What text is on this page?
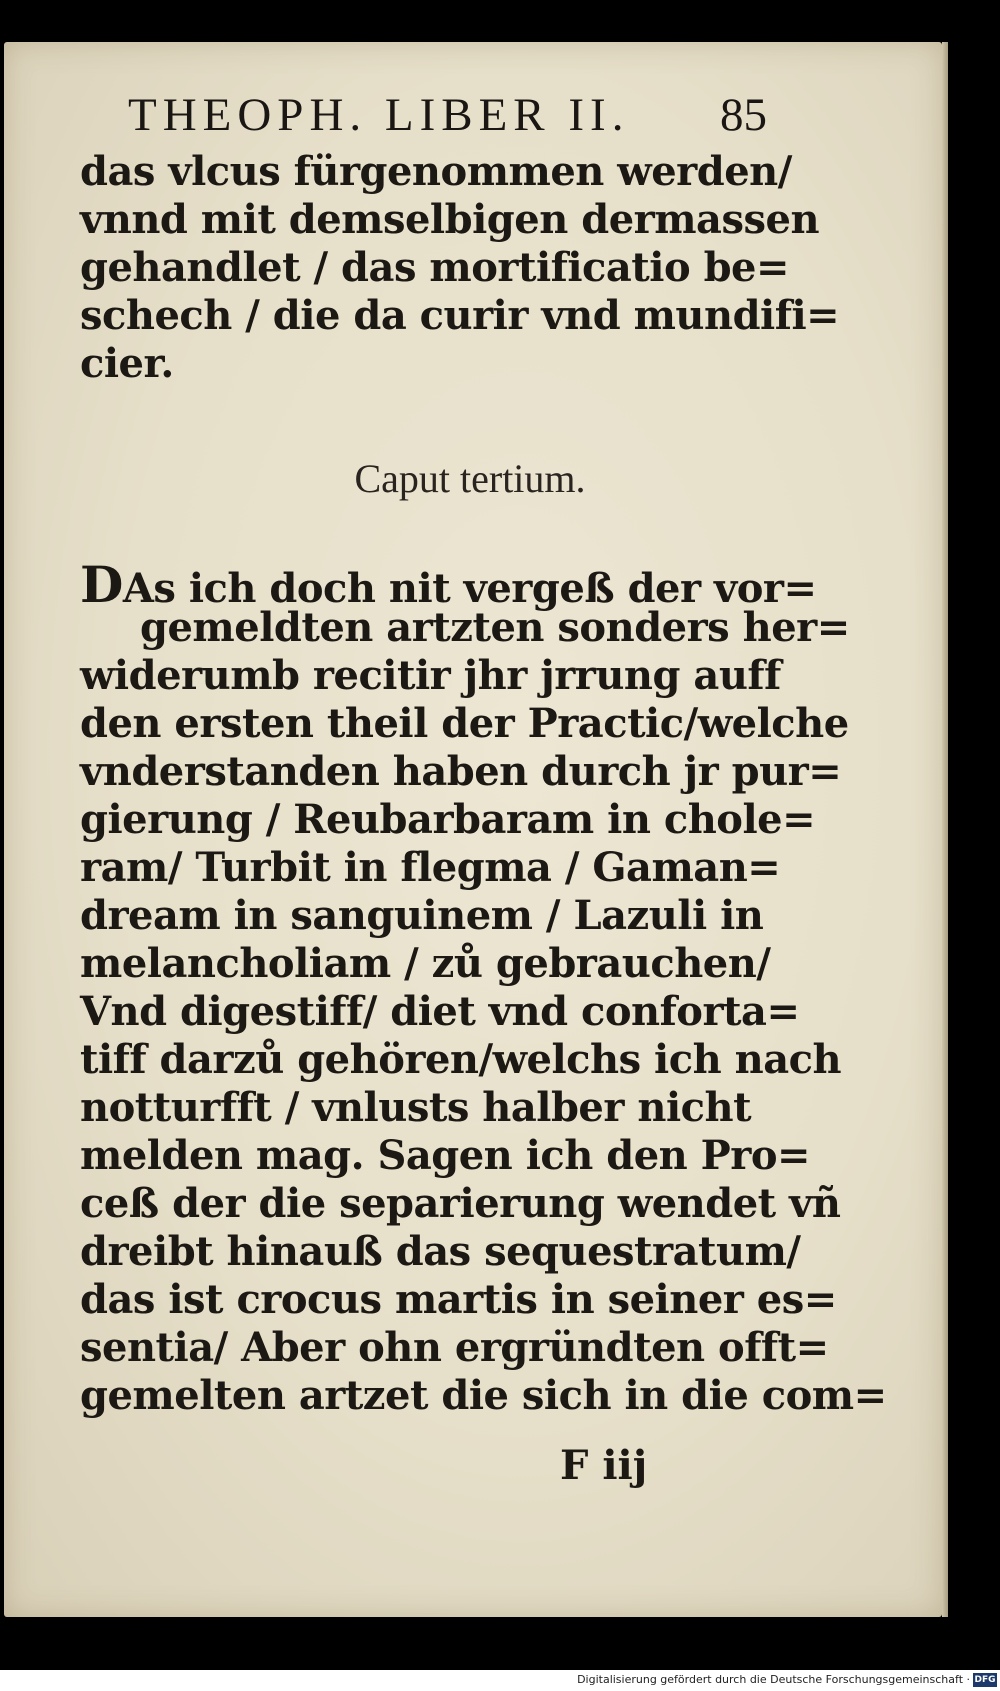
THEOPH. LIBER II. 85
das vlcus fürgenommen werden/
vnnd mit demselbigen dermassen
gehandlet / das mortificatio be=
schech / die da curir vnd mundifi=
cier.
Caput tertium.
DAs ich doch nit vergeß der vor=
gemeldten artzten sonders her=
widerumb recitir jhr jrrung auff
den ersten theil der Practic/welche
vnderstanden haben durch jr pur=
gierung / Reubarbaram in chole=
ram/ Turbit in flegma / Gaman=
dream in sanguinem / Lazuli in
melancholiam / zů gebrauchen/
Vnd digestiff/ diet vnd conforta=
tiff darzů gehören/welchs ich nach
notturfft / vnlusts halber nicht
melden mag. Sagen ich den Pro=
ceß der die separierung wendet vñ
dreibt hinauß das sequestratum/
das ist crocus martis in seiner es=
sentia/ Aber ohn ergründten offt=
gemelten artzet die sich in die com=
F iij
Digitalisierung gefördert durch die Deutsche Forschungsgemeinschaft · DFG
